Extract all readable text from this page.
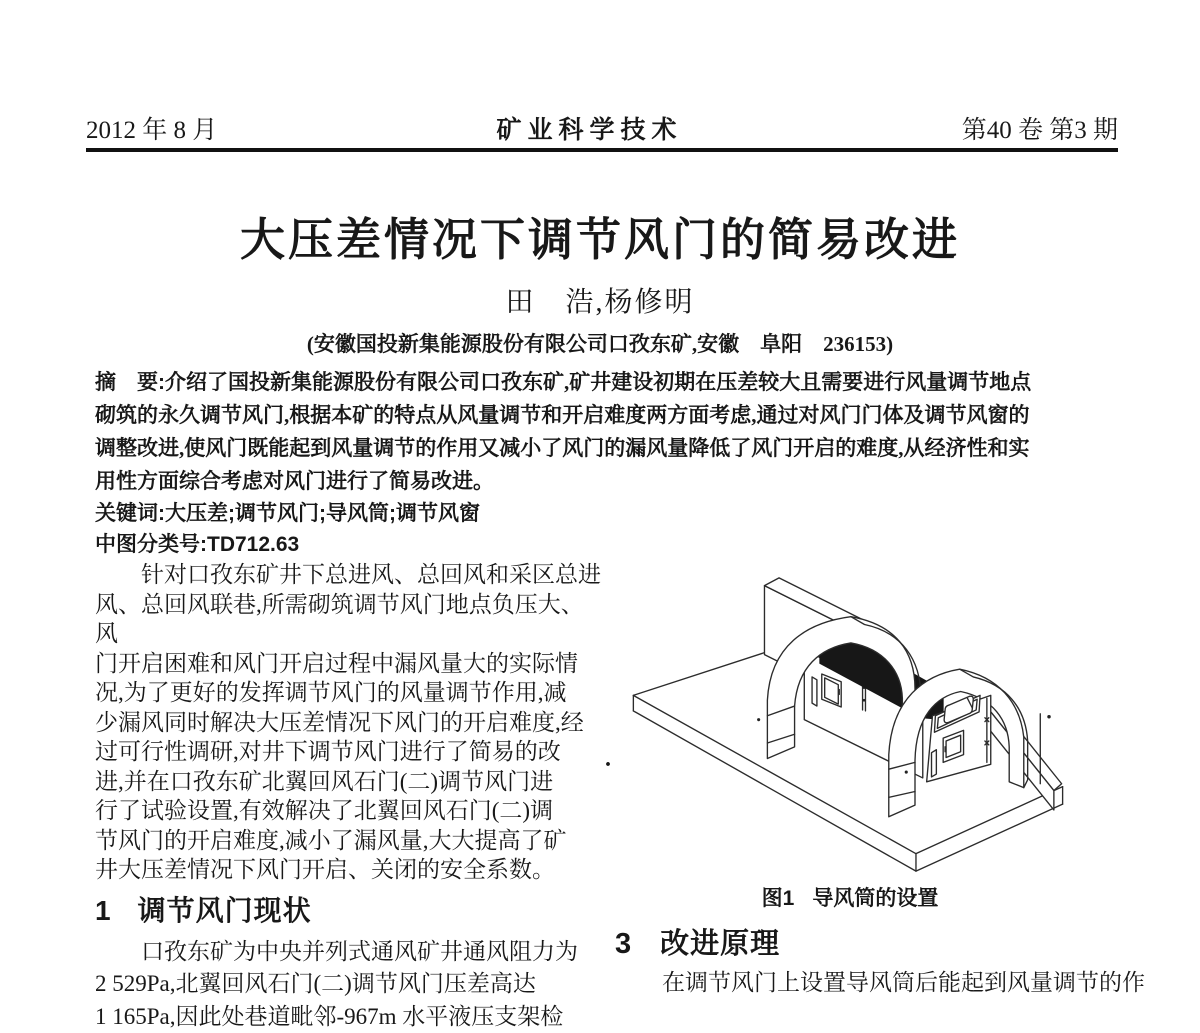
2012 年 8 月	矿业科学技术	第40 卷 第3 期
大压差情况下调节风门的简易改进
田　浩,杨修明
(安徽国投新集能源股份有限公司口孜东矿,安徽　阜阳　236153)
摘　要:介绍了国投新集能源股份有限公司口孜东矿,矿井建设初期在压差较大且需要进行风量调节地点
砌筑的永久调节风门,根据本矿的特点从风量调节和开启难度两方面考虑,通过对风门门体及调节风窗的
调整改进,使风门既能起到风量调节的作用又减小了风门的漏风量降低了风门开启的难度,从经济性和实
用性方面综合考虑对风门进行了简易改进。
关键词:大压差;调节风门;导风筒;调节风窗
中图分类号:TD712.63
针对口孜东矿井下总进风、总回风和采区总进
风、总回风联巷,所需砌筑调节风门地点负压大、风
门开启困难和风门开启过程中漏风量大的实际情
况,为了更好的发挥调节风门的风量调节作用,减
少漏风同时解决大压差情况下风门的开启难度,经
过可行性调研,对井下调节风门进行了简易的改
进,并在口孜东矿北翼回风石门(二)调节风门进
行了试验设置,有效解决了北翼回风石门(二)调
节风门的开启难度,减小了漏风量,大大提高了矿
井大压差情况下风门开启、关闭的安全系数。
1 调节风门现状
口孜东矿为中央并列式通风矿井通风阻力为
2 529Pa,北翼回风石门(二)调节风门压差高达
1 165Pa,因此处巷道毗邻-967m 水平液压支架检
·
图1 导风筒的设置
3 改进原理
在调节风门上设置导风筒后能起到风量调节的作
